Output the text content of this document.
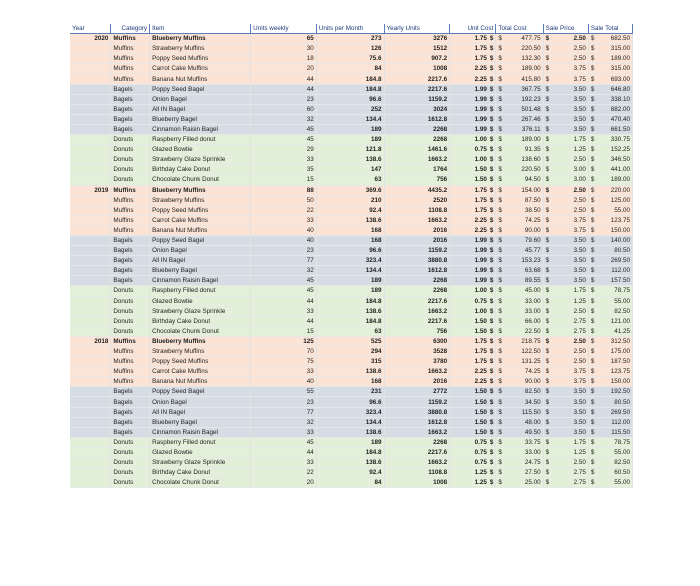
Year	Category	Item	Units weekly	Units per Month	Yearly Units	Unit Cost	Total Cost	Sale Price	Sale Total
2020	Muffins	Blueberry Muffins	65	273	3276	1.75 $	$ 477.75	$ 2.50	$ 682.50
	Muffins	Strawberry Muffins	30	126	1512	1.75 $	$ 220.50	$ 2.50	$ 315.00
	Muffins	Poppy Seed Muffins	18	75.6	907.2	1.75 $	$ 132.30	$ 2.50	$ 189.00
	Muffins	Carrot Cake Muffins	20	84	1008	2.25 $	$ 189.00	$ 3.75	$ 315.00
	Muffins	Banana Nut Muffins	44	184.8	2217.6	2.25 $	$ 415.80	$ 3.75	$ 693.00
	Bagels	Poppy Seed Bagel	44	184.8	2217.6	1.99 $	$ 367.75	$ 3.50	$ 646.80
	Bagels	Onion Bagel	23	96.6	1159.2	1.99 $	$ 192.23	$ 3.50	$ 338.10
	Bagels	All IN Bagel	60	252	3024	1.99 $	$ 501.48	$ 3.50	$ 882.00
	Bagels	Blueberry Bagel	32	134.4	1612.8	1.99 $	$ 267.46	$ 3.50	$ 470.40
	Bagels	Cinnamon Raisin Bagel	45	189	2268	1.99 $	$ 376.11	$ 3.50	$ 661.50
	Donuts	Raspberry Filled donut	45	189	2268	1.00 $	$ 189.00	$ 1.75	$ 330.75
	Donuts	Glazed Bowtie	29	121.8	1461.6	0.75 $	$ 91.35	$ 1.25	$ 152.25
	Donuts	Strawberry Glaze Sprinkle	33	138.6	1663.2	1.00 $	$ 138.60	$ 2.50	$ 346.50
	Donuts	Birthday Cake Donut	35	147	1764	1.50 $	$ 220.50	$ 3.00	$ 441.00
	Donuts	Chocolate Chunk Donut	15	63	756	1.50 $	$ 94.50	$ 3.00	$ 189.00
2019	Muffins	Blueberry Muffins	88	369.6	4435.2	1.75 $	$ 154.00	$ 2.50	$ 220.00
	Muffins	Strawberry Muffins	50	210	2520	1.75 $	$ 87.50	$ 2.50	$ 125.00
	Muffins	Poppy Seed Muffins	22	92.4	1108.8	1.75 $	$ 38.50	$ 2.50	$ 55.00
	Muffins	Carrot Cake Muffins	33	138.6	1663.2	2.25 $	$ 74.25	$ 3.75	$ 123.75
	Muffins	Banana Nut Muffins	40	168	2016	2.25 $	$ 90.00	$ 3.75	$ 150.00
	Bagels	Poppy Seed Bagel	40	168	2016	1.99 $	$ 79.60	$ 3.50	$ 140.00
	Bagels	Onion Bagel	23	96.6	1159.2	1.99 $	$ 45.77	$ 3.50	$ 80.50
	Bagels	All IN Bagel	77	323.4	3880.8	1.99 $	$ 153.23	$ 3.50	$ 269.50
	Bagels	Blueberry Bagel	32	134.4	1612.8	1.99 $	$ 63.68	$ 3.50	$ 112.00
	Bagels	Cinnamon Raisin Bagel	45	189	2268	1.99 $	$ 89.55	$ 3.50	$ 157.50
	Donuts	Raspberry Filled donut	45	189	2268	1.00 $	$ 45.00	$ 1.75	$ 78.75
	Donuts	Glazed Bowtie	44	184.8	2217.6	0.75 $	$ 33.00	$ 1.25	$ 55.00
	Donuts	Strawberry Glaze Sprinkle	33	138.6	1663.2	1.00 $	$ 33.00	$ 2.50	$ 82.50
	Donuts	Birthday Cake Donut	44	184.8	2217.6	1.50 $	$ 66.00	$ 2.75	$ 121.00
	Donuts	Chocolate Chunk Donut	15	63	756	1.50 $	$ 22.50	$ 2.75	$ 41.25
2018	Muffins	Blueberry Muffins	125	525	6300	1.75 $	$ 218.75	$ 2.50	$ 312.50
	Muffins	Strawberry Muffins	70	294	3528	1.75 $	$ 122.50	$ 2.50	$ 175.00
	Muffins	Poppy Seed Muffins	75	315	3780	1.75 $	$ 131.25	$ 2.50	$ 187.50
	Muffins	Carrot Cake Muffins	33	138.6	1663.2	2.25 $	$ 74.25	$ 3.75	$ 123.75
	Muffins	Banana Nut Muffins	40	168	2016	2.25 $	$ 90.00	$ 3.75	$ 150.00
	Bagels	Poppy Seed Bagel	55	231	2772	1.50 $	$ 82.50	$ 3.50	$ 192.50
	Bagels	Onion Bagel	23	96.6	1159.2	1.50 $	$ 34.50	$ 3.50	$ 80.50
	Bagels	All IN Bagel	77	323.4	3880.8	1.50 $	$ 115.50	$ 3.50	$ 269.50
	Bagels	Blueberry Bagel	32	134.4	1612.8	1.50 $	$ 48.00	$ 3.50	$ 112.00
	Bagels	Cinnamon Raisin Bagel	33	138.6	1663.2	1.50 $	$ 49.50	$ 3.50	$ 115.50
	Donuts	Raspberry Filled donut	45	189	2268	0.75 $	$ 33.75	$ 1.75	$ 78.75
	Donuts	Glazed Bowtie	44	184.8	2217.6	0.75 $	$ 33.00	$ 1.25	$ 55.00
	Donuts	Strawberry Glaze Sprinkle	33	138.6	1663.2	0.75 $	$ 24.75	$ 2.50	$ 82.50
	Donuts	Birthday Cake Donut	22	92.4	1108.8	1.25 $	$ 27.50	$ 2.75	$ 60.50
	Donuts	Chocolate Chunk Donut	20	84	1008	1.25 $	$ 25.00	$ 2.75	$ 55.00
